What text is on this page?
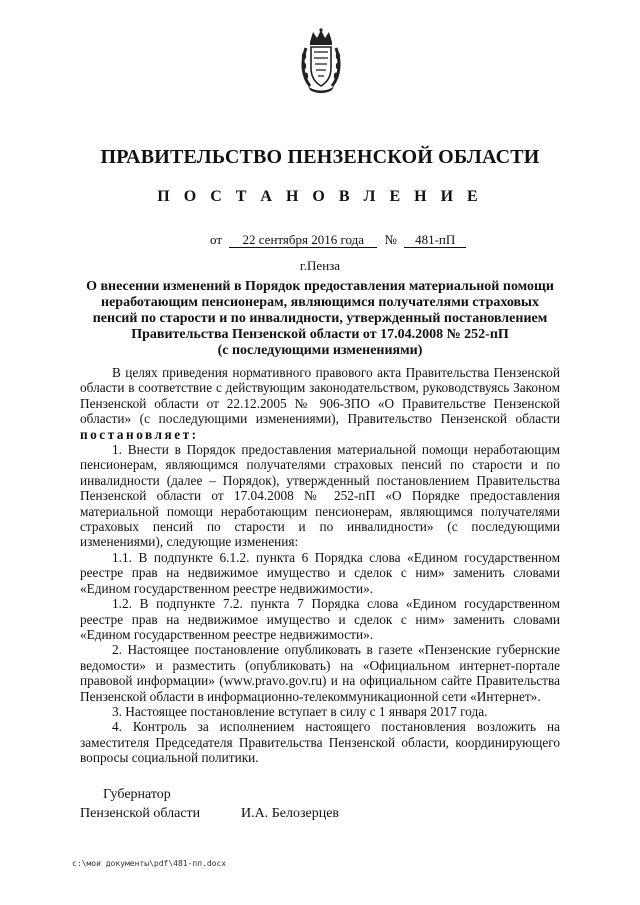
ПРАВИТЕЛЬСТВО ПЕНЗЕНСКОЙ ОБЛАСТИ
П О С Т А Н О В Л Е Н И Е
от 22 сентября 2016 года № 481-пП
г.Пенза
О внесении изменений в Порядок предоставления материальной помощи
неработающим пенсионерам, являющимся получателями страховых
пенсий по старости и по инвалидности, утвержденный постановлением
Правительства Пензенской области от 17.04.2008 № 252-пП
(с последующими изменениями)

В целях приведения нормативного правового акта Правительства Пензенской области в соответствие с действующим законодательством, руководствуясь Законом Пензенской области от 22.12.2005 № 906-ЗПО «О Правительстве Пензенской области» (с последующими изменениями), Правительство Пензенской области постановляет:

1. Внести в Порядок предоставления материальной помощи неработающим пенсионерам, являющимся получателями страховых пенсий по старости и по инвалидности (далее – Порядок), утвержденный постановлением Правительства Пензенской области от 17.04.2008 № 252-пП «О Порядке предоставления материальной помощи неработающим пенсионерам, являющимся получателями страховых пенсий по старости и по инвалидности» (с последующими изменениями), следующие изменения:

1.1. В подпункте 6.1.2. пункта 6 Порядка слова «Едином государственном реестре прав на недвижимое имущество и сделок с ним» заменить словами «Едином государственном реестре недвижимости».

1.2. В подпункте 7.2. пункта 7 Порядка слова «Едином государственном реестре прав на недвижимое имущество и сделок с ним» заменить словами «Едином государственном реестре недвижимости».

2. Настоящее постановление опубликовать в газете «Пензенские губернские ведомости» и разместить (опубликовать) на «Официальном интернет-портале правовой информации» (www.pravo.gov.ru) и на официальном сайте Правительства Пензенской области в информационно-телекоммуникационной сети «Интернет».

3. Настоящее постановление вступает в силу с 1 января 2017 года.

4. Контроль за исполнением настоящего постановления возложить на заместителя Председателя Правительства Пензенской области, координирующего вопросы социальной политики.

Губернатор
Пензенской области	И.А. Белозерцев
c:\мои документы\pdf\481-пп.docx
